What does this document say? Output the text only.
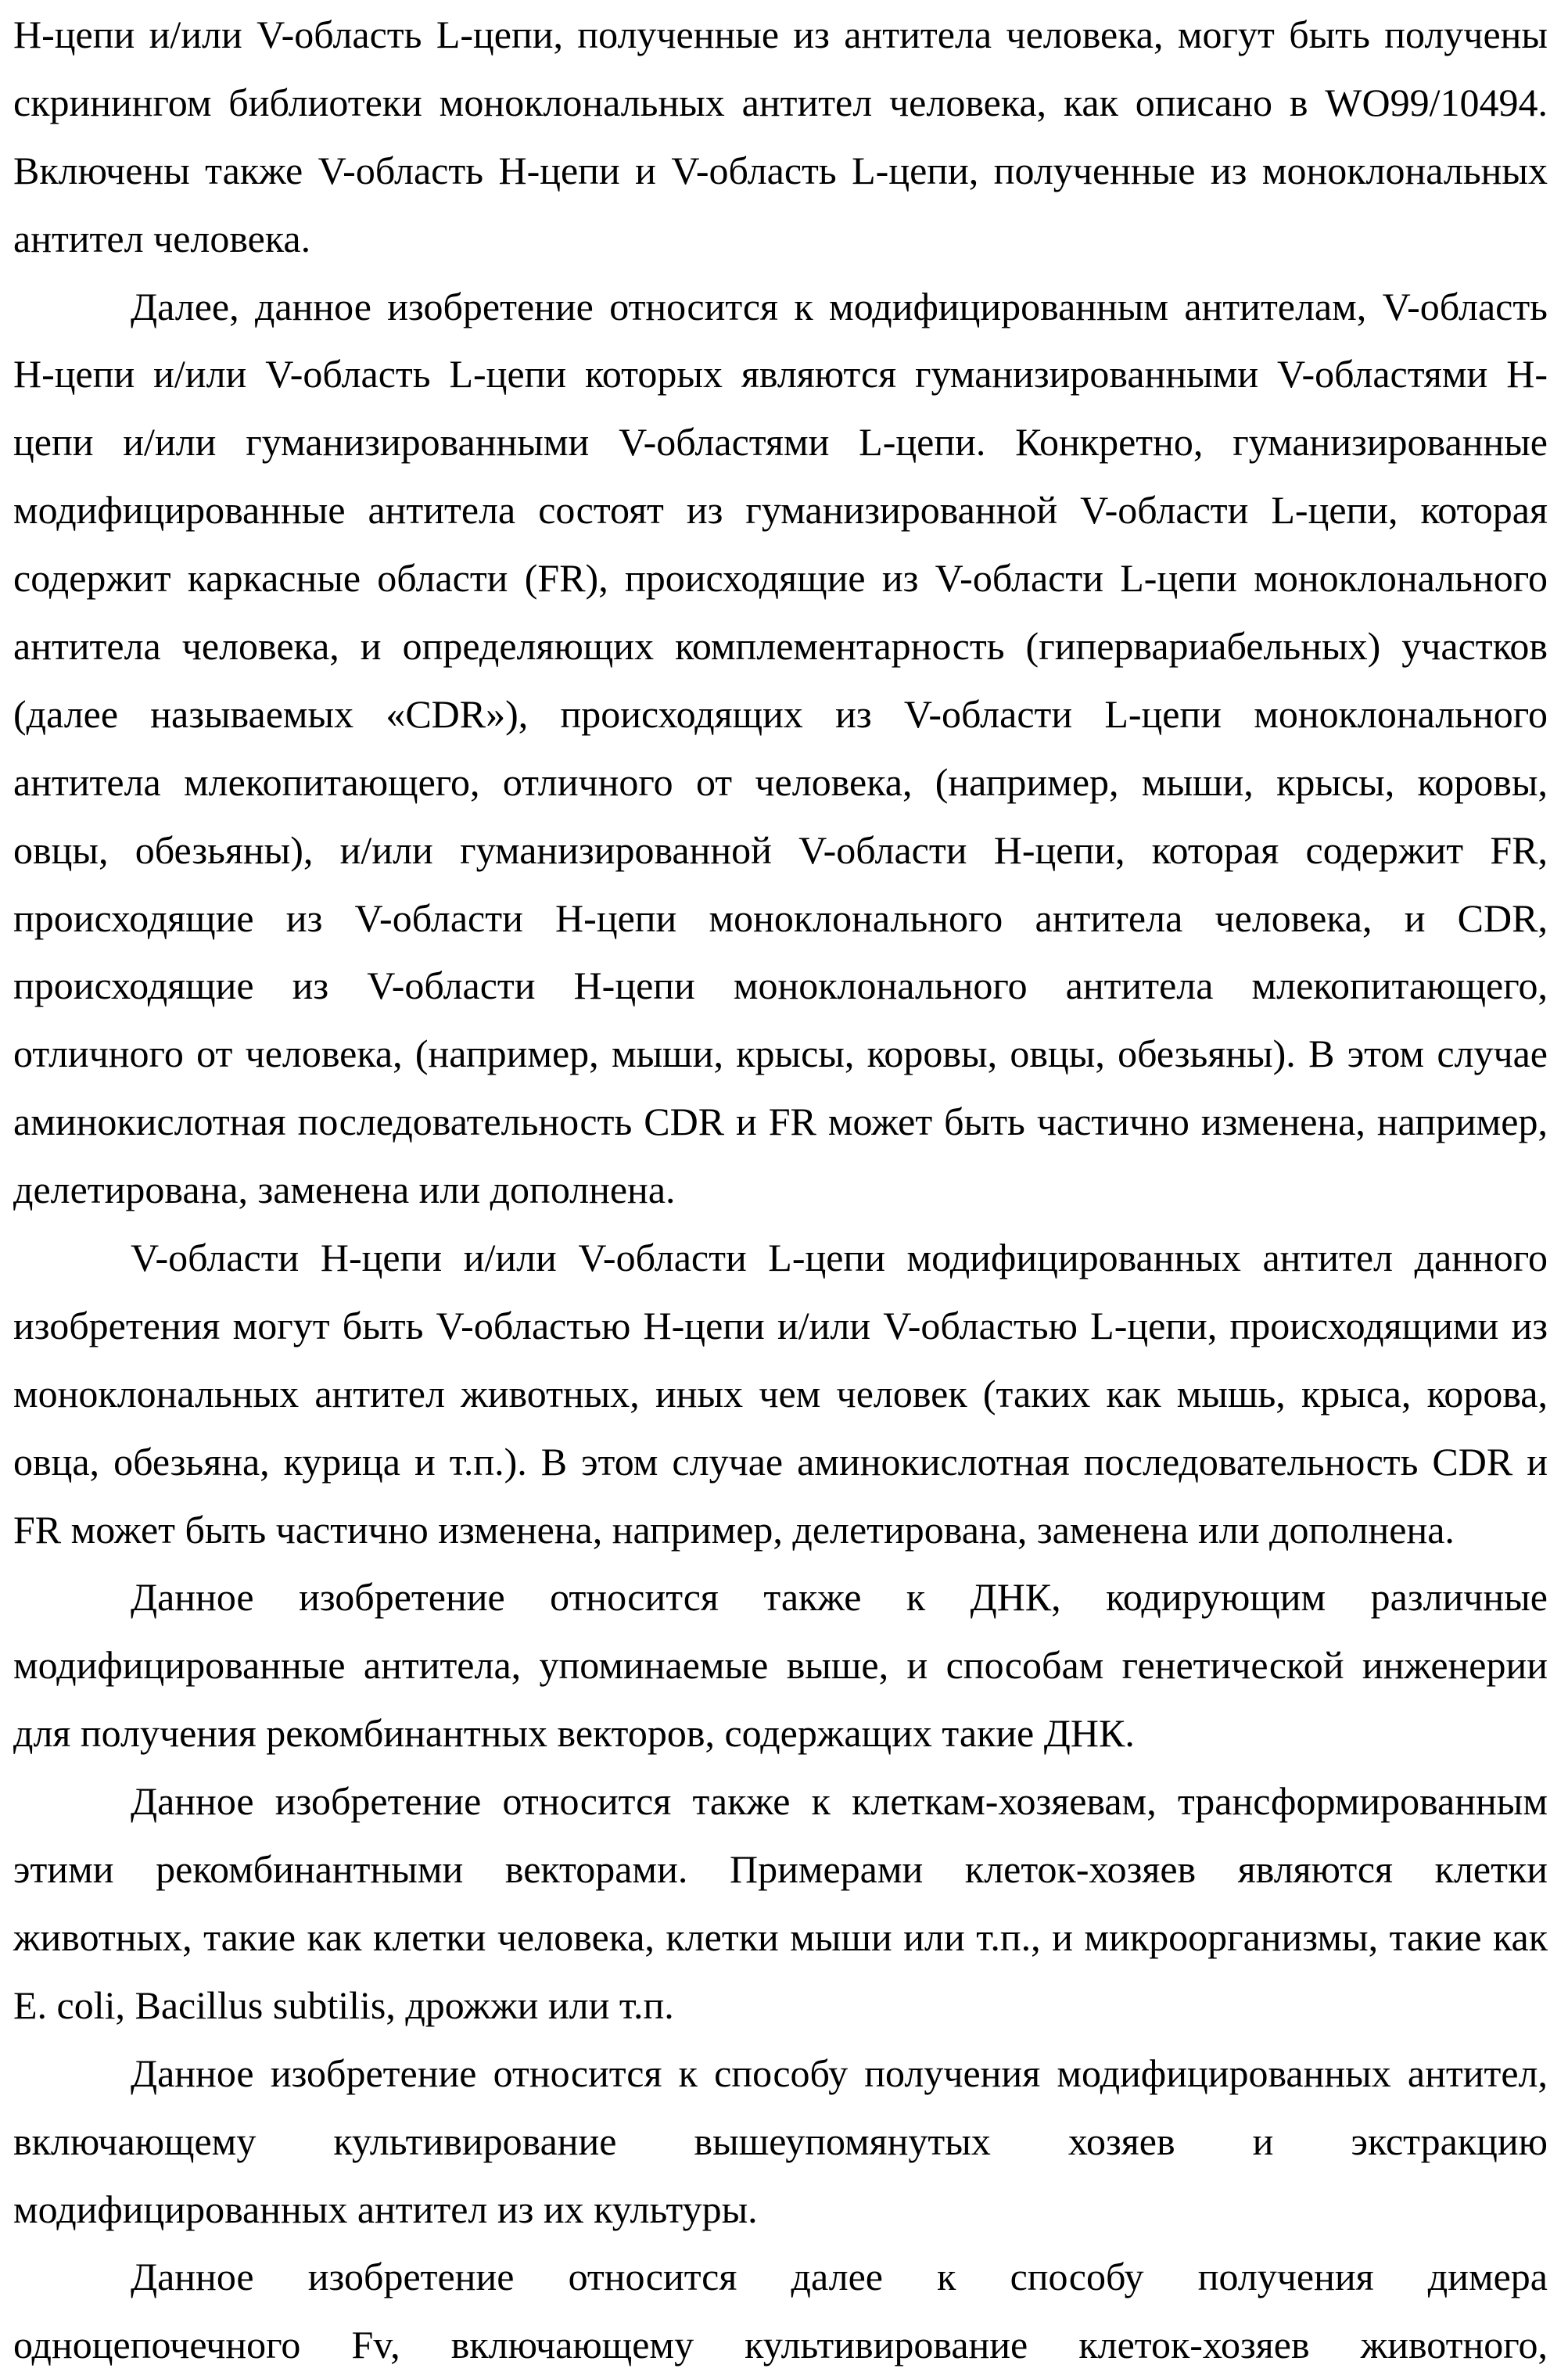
H-цепи и/или V-область L-цепи, полученные из антитела человека, могут быть получены
скринингом библиотеки моноклональных антител человека, как описано в WO99/10494.
Включены также V-область H-цепи и V-область L-цепи, полученные из моноклональных
антител человека.
Далее, данное изобретение относится к модифицированным антителам, V-область
H-цепи и/или V-область L-цепи которых являются гуманизированными V-областями H-
цепи и/или гуманизированными V-областями L-цепи. Конкретно, гуманизированные
модифицированные антитела состоят из гуманизированной V-области L-цепи, которая
содержит каркасные области (FR), происходящие из V-области L-цепи моноклонального
антитела человека, и определяющих комплементарность (гипервариабельных) участков
(далее называемых «CDR»), происходящих из V-области L-цепи моноклонального
антитела млекопитающего, отличного от человека, (например, мыши, крысы, коровы,
овцы, обезьяны), и/или гуманизированной V-области H-цепи, которая содержит FR,
происходящие из V-области H-цепи моноклонального антитела человека, и CDR,
происходящие из V-области H-цепи моноклонального антитела млекопитающего,
отличного от человека, (например, мыши, крысы, коровы, овцы, обезьяны). В этом случае
аминокислотная последовательность CDR и FR может быть частично изменена, например,
делетирована, заменена или дополнена.
V-области H-цепи и/или V-области L-цепи модифицированных антител данного
изобретения могут быть V-областью H-цепи и/или V-областью L-цепи, происходящими из
моноклональных антител животных, иных чем человек (таких как мышь, крыса, корова,
овца, обезьяна, курица и т.п.). В этом случае аминокислотная последовательность CDR и
FR может быть частично изменена, например, делетирована, заменена или дополнена.
Данное изобретение относится также к ДНК, кодирующим различные
модифицированные антитела, упоминаемые выше, и способам генетической инженерии
для получения рекомбинантных векторов, содержащих такие ДНК.
Данное изобретение относится также к клеткам-хозяевам, трансформированным
этими рекомбинантными векторами. Примерами клеток-хозяев являются клетки
животных, такие как клетки человека, клетки мыши или т.п., и микроорганизмы, такие как
E. coli, Bacillus subtilis, дрожжи или т.п.
Данное изобретение относится к способу получения модифицированных антител,
включающему культивирование вышеупомянутых хозяев и экстракцию
модифицированных антител из их культуры.
Данное изобретение относится далее к способу получения димера
одноцепочечного Fv, включающему культивирование клеток-хозяев животного,
